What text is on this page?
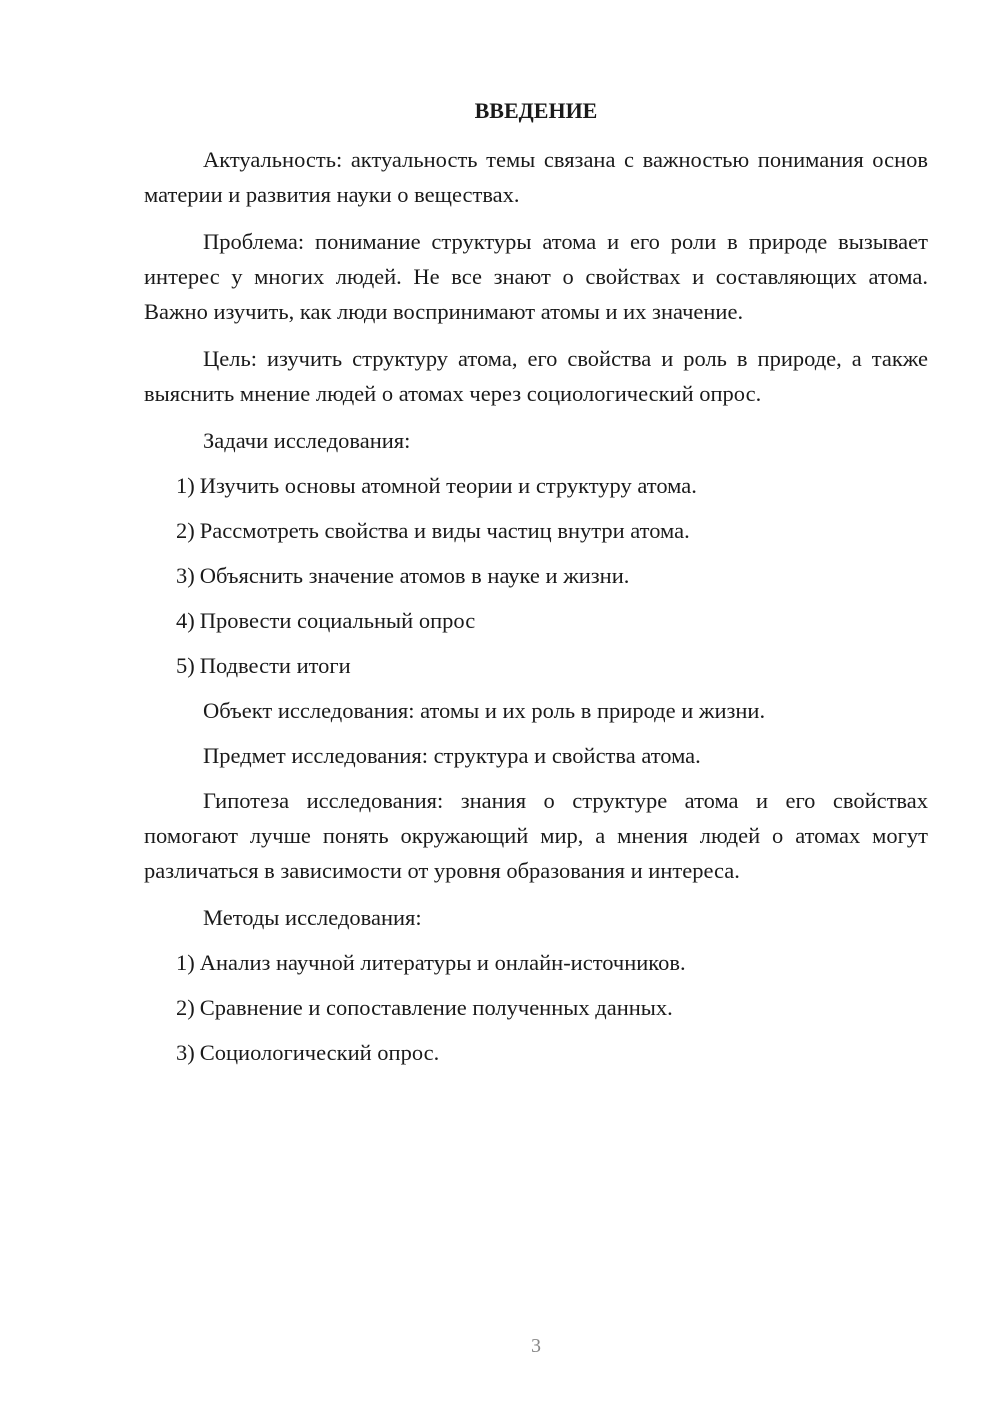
ВВЕДЕНИЕ

Актуальность: актуальность темы связана с важностью понимания основ материи и развития науки о веществах.

Проблема: понимание структуры атома и его роли в природе вызывает интерес у многих людей. Не все знают о свойствах и составляющих атома. Важно изучить, как люди воспринимают атомы и их значение.

Цель: изучить структуру атома, его свойства и роль в природе, а также выяснить мнение людей о атомах через социологический опрос.

Задачи исследования:

1) Изучить основы атомной теории и структуру атома.

2) Рассмотреть свойства и виды частиц внутри атома.

3) Объяснить значение атомов в науке и жизни.

4) Провести социальный опрос

5) Подвести итоги

Объект исследования: атомы и их роль в природе и жизни.

Предмет исследования: структура и свойства атома.

Гипотеза исследования: знания о структуре атома и его свойствах помогают лучше понять окружающий мир, а мнения людей о атомах могут различаться в зависимости от уровня образования и интереса.

Методы исследования:

1) Анализ научной литературы и онлайн-источников.

2) Сравнение и сопоставление полученных данных.

3) Социологический опрос.

3
